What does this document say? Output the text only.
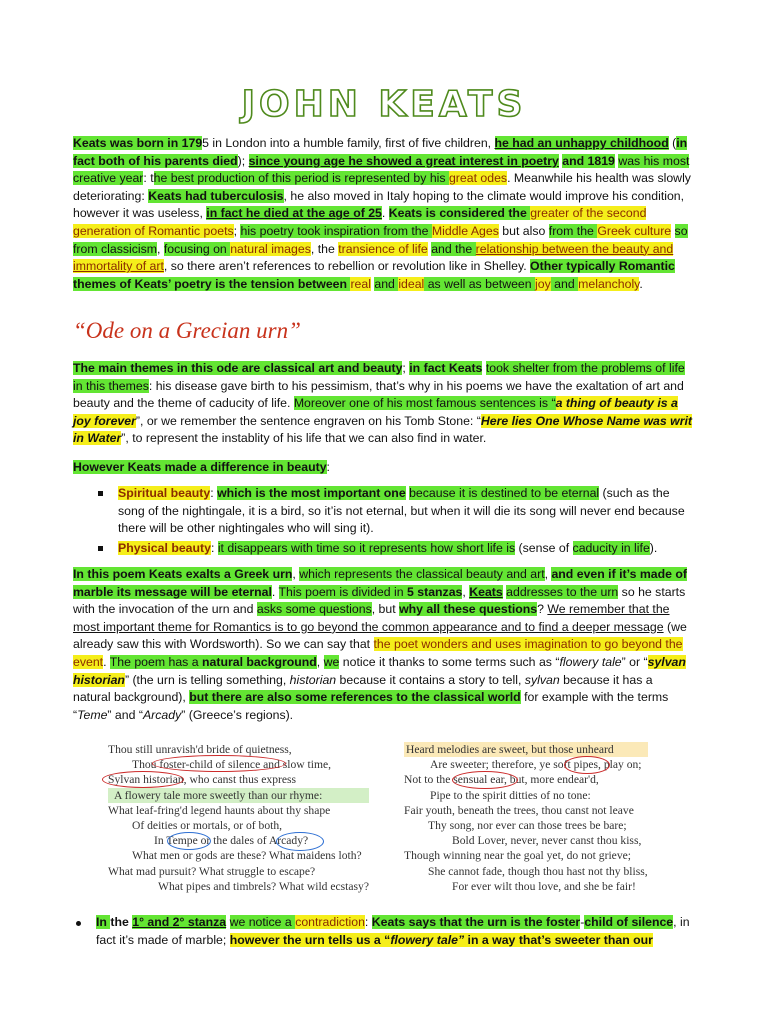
JOHN KEATS
Keats was born in 1795 in London into a humble family, first of five children, he had an unhappy childhood (in fact both of his parents died); since young age he showed a great interest in poetry and 1819 was his most creative year: the best production of this period is represented by his great odes. Meanwhile his health was slowly deteriorating: Keats had tuberculosis, he also moved in Italy hoping to the climate would improve his condition, however it was useless, in fact he died at the age of 25. Keats is considered the greater of the second generation of Romantic poets; his poetry took inspiration from the Middle Ages but also from the Greek culture so from classicism, focusing on natural images, the transience of life and the relationship between the beauty and immortality of art, so there aren’t references to rebellion or revolution like in Shelley. Other typically Romantic themes of Keats’ poetry is the tension between real and ideal as well as between joy and melancholy.
“Ode on a Grecian urn”
The main themes in this ode are classical art and beauty; in fact Keats took shelter from the problems of life in this themes: his disease gave birth to his pessimism, that’s why in his poems we have the exaltation of art and beauty and the theme of caducity of life. Moreover one of his most famous sentences is “a thing of beauty is a joy forever”, or we remember the sentence engraven on his Tomb Stone: “Here lies One Whose Name was writ in Water”, to represent the instablity of his life that we can also find in water.
However Keats made a difference in beauty:
Spiritual beauty: which is the most important one because it is destined to be eternal (such as the song of the nightingale, it is a bird, so it’is not eternal, but when it will die its song will never end because there will be other nightingales who will sing it).
Physical beauty: it disappears with time so it represents how short life is (sense of caducity in life).
In this poem Keats exalts a Greek urn, which represents the classical beauty and art, and even if it’s made of marble its message will be eternal. This poem is divided in 5 stanzas, Keats addresses to the urn so he starts with the invocation of the urn and asks some questions, but why all these questions? We remember that the most important theme for Romantics is to go beyond the common appearance and to find a deeper message (we already saw this with Wordsworth). So we can say that the poet wonders and uses imagination to go beyond the event. The poem has a natural background, we notice it thanks to some terms such as “flowery tale” or “sylvan historian” (the urn is telling something, historian because it contains a story to tell, sylvan because it has a natural background), but there are also some references to the classical world for example with the terms “Teme” and “Arcady” (Greece’s regions).
Thou still unravish'd bride of quietness,
Thou foster-child of silence and slow time,
Sylvan historian, who canst thus express
A flowery tale more sweetly than our rhyme:
What leaf-fring'd legend haunts about thy shape
Of deities or mortals, or of both,
In Tempe or the dales of Arcady?
What men or gods are these? What maidens loth?
What mad pursuit? What struggle to escape?
What pipes and timbrels? What wild ecstasy?
Heard melodies are sweet, but those unheard
Are sweeter; therefore, ye soft pipes, play on;
Not to the sensual ear, but, more endear'd,
Pipe to the spirit ditties of no tone:
Fair youth, beneath the trees, thou canst not leave
Thy song, nor ever can those trees be bare;
Bold Lover, never, never canst thou kiss,
Though winning near the goal yet, do not grieve;
She cannot fade, though thou hast not thy bliss,
For ever wilt thou love, and she be fair!
In the 1° and 2° stanza we notice a contradiction: Keats says that the urn is the foster-child of silence, in fact it’s made of marble; however the urn tells us a “flowery tale” in a way that’s sweeter than our
